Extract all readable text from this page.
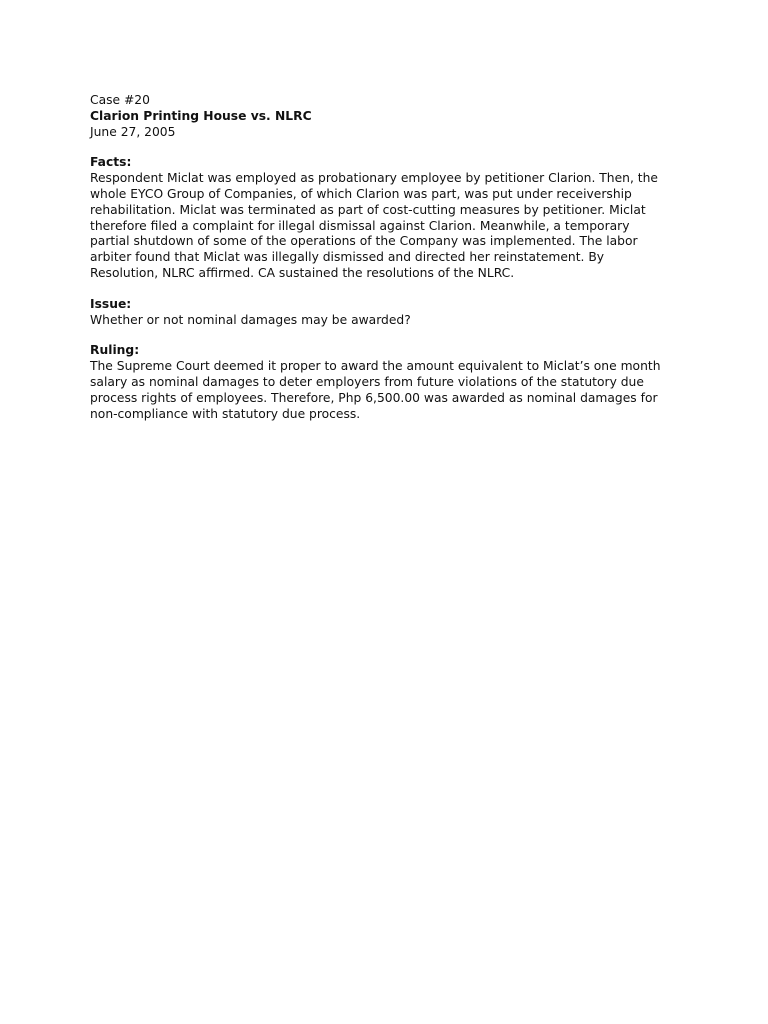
Case #20
Clarion Printing House vs. NLRC
June 27, 2005
Facts:
Respondent Miclat was employed as probationary employee by petitioner Clarion. Then, the
whole EYCO Group of Companies, of which Clarion was part, was put under receivership
rehabilitation. Miclat was terminated as part of cost-cutting measures by petitioner. Miclat
therefore filed a complaint for illegal dismissal against Clarion. Meanwhile, a temporary
partial shutdown of some of the operations of the Company was implemented. The labor
arbiter found that Miclat was illegally dismissed and directed her reinstatement. By
Resolution, NLRC affirmed. CA sustained the resolutions of the NLRC.
Issue:
Whether or not nominal damages may be awarded?
Ruling:
The Supreme Court deemed it proper to award the amount equivalent to Miclat’s one month
salary as nominal damages to deter employers from future violations of the statutory due
process rights of employees. Therefore, Php 6,500.00 was awarded as nominal damages for
non-compliance with statutory due process.
